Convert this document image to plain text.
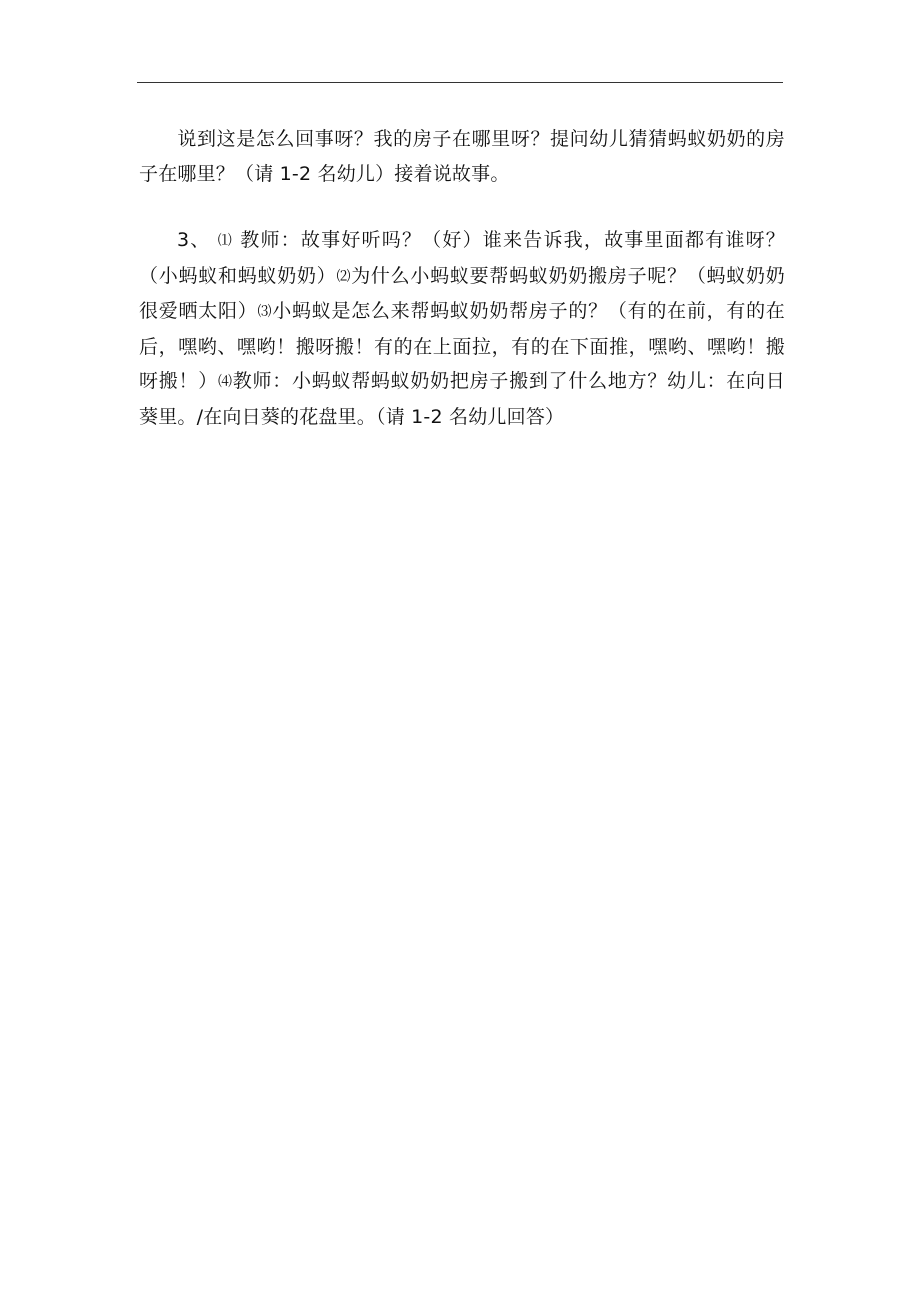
说到这是怎么回事呀？我的房子在哪里呀？提问幼儿猜猜蚂蚁奶奶的房子在哪里？（请 1-2 名幼儿）接着说故事。

3、 ⑴ 教师：故事好听吗？（好）谁来告诉我，故事里面都有谁呀？（小蚂蚁和蚂蚁奶奶）⑵为什么小蚂蚁要帮蚂蚁奶奶搬房子呢？（蚂蚁奶奶很爱晒太阳）⑶小蚂蚁是怎么来帮蚂蚁奶奶帮房子的？（有的在前，有的在后，嘿哟、嘿哟！搬呀搬！有的在上面拉，有的在下面推，嘿哟、嘿哟！搬呀搬！）⑷教师：小蚂蚁帮蚂蚁奶奶把房子搬到了什么地方？幼儿：在向日葵里。/在向日葵的花盘里。（请 1-2 名幼儿回答）
